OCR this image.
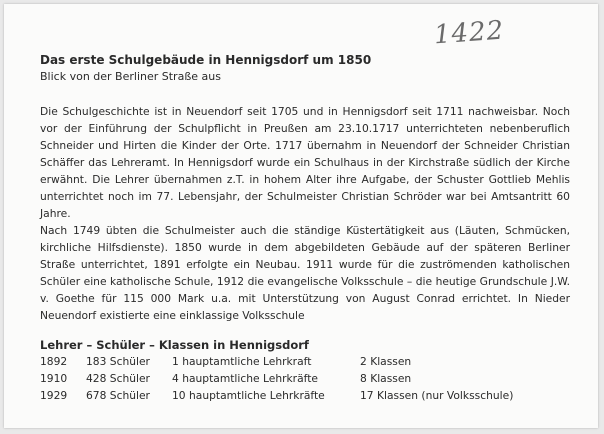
1422
Das erste Schulgebäude in Hennigsdorf um 1850

Blick von der Berliner Straße aus

Die Schulgeschichte ist in Neuendorf seit 1705 und in Hennigsdorf seit 1711 nachweisbar. Noch vor der Einführung der Schulpflicht in Preußen am 23.10.1717 unterrichteten nebenberuflich Schneider und Hirten die Kinder der Orte. 1717 übernahm in Neuendorf der Schneider Christian Schäffer das Lehreramt. In Hennigsdorf wurde ein Schulhaus in der Kirchstraße südlich der Kirche erwähnt. Die Lehrer übernahmen z.T. in hohem Alter ihre Aufgabe, der Schuster Gottlieb Mehlis unterrichtet noch im 77. Lebensjahr, der Schulmeister Christian Schröder war bei Amtsantritt 60 Jahre.

Nach 1749 übten die Schulmeister auch die ständige Küstertätigkeit aus (Läuten, Schmücken, kirchliche Hilfsdienste). 1850 wurde in dem abgebildeten Gebäude auf der späteren Berliner Straße unterrichtet, 1891 erfolgte ein Neubau. 1911 wurde für die zuströmenden katholischen Schüler eine katholische Schule, 1912 die evangelische Volksschule – die heutige Grundschule J.W. v. Goethe für 115 000 Mark u.a. mit Unterstützung von August Conrad errichtet. In Nieder Neuendorf existierte eine einklassige Volksschule

Lehrer – Schüler – Klassen in Hennigsdorf
1892 183 Schüler 1 hauptamtliche Lehrkraft	2 Klassen
1910 428 Schüler 4 hauptamtliche Lehrkräfte	8 Klassen
1929 678 Schüler 10 hauptamtliche Lehrkräfte	17 Klassen (nur Volksschule)
